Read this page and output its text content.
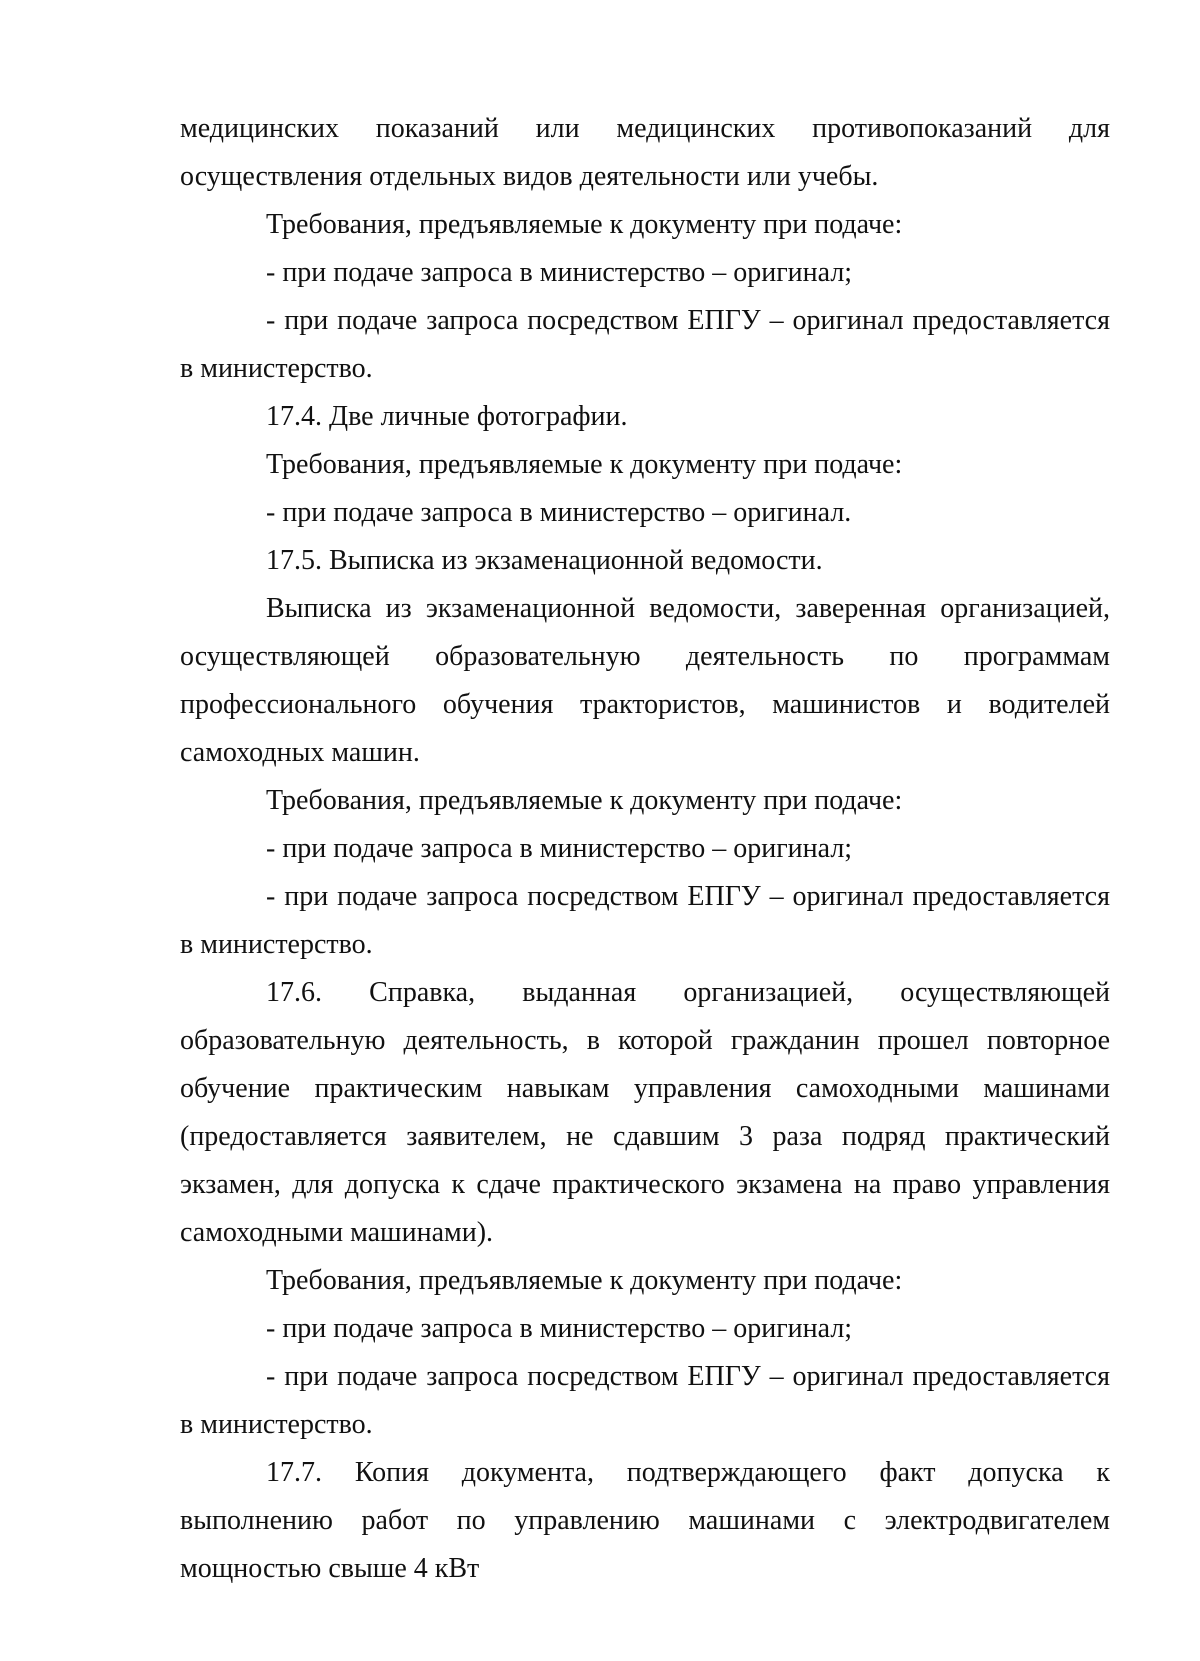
медицинских показаний или медицинских противопоказаний для осуществления отдельных видов деятельности или учебы.

Требования, предъявляемые к документу при подаче:

- при подаче запроса в министерство – оригинал;

- при подаче запроса посредством ЕПГУ – оригинал предоставляется в министерство.

17.4. Две личные фотографии.

Требования, предъявляемые к документу при подаче:

- при подаче запроса в министерство – оригинал.

17.5. Выписка из экзаменационной ведомости.

Выписка из экзаменационной ведомости, заверенная организацией, осуществляющей образовательную деятельность по программам профессионального обучения трактористов, машинистов и водителей самоходных машин.

Требования, предъявляемые к документу при подаче:

- при подаче запроса в министерство – оригинал;

- при подаче запроса посредством ЕПГУ – оригинал предоставляется в министерство.

17.6. Справка, выданная организацией, осуществляющей образовательную деятельность, в которой гражданин прошел повторное обучение практическим навыкам управления самоходными машинами (предоставляется заявителем, не сдавшим 3 раза подряд практический экзамен, для допуска к сдаче практического экзамена на право управления самоходными машинами).

Требования, предъявляемые к документу при подаче:

- при подаче запроса в министерство – оригинал;

- при подаче запроса посредством ЕПГУ – оригинал предоставляется в министерство.

17.7. Копия документа, подтверждающего факт допуска к выполнению работ по управлению машинами с электродвигателем мощностью свыше 4 кВт
